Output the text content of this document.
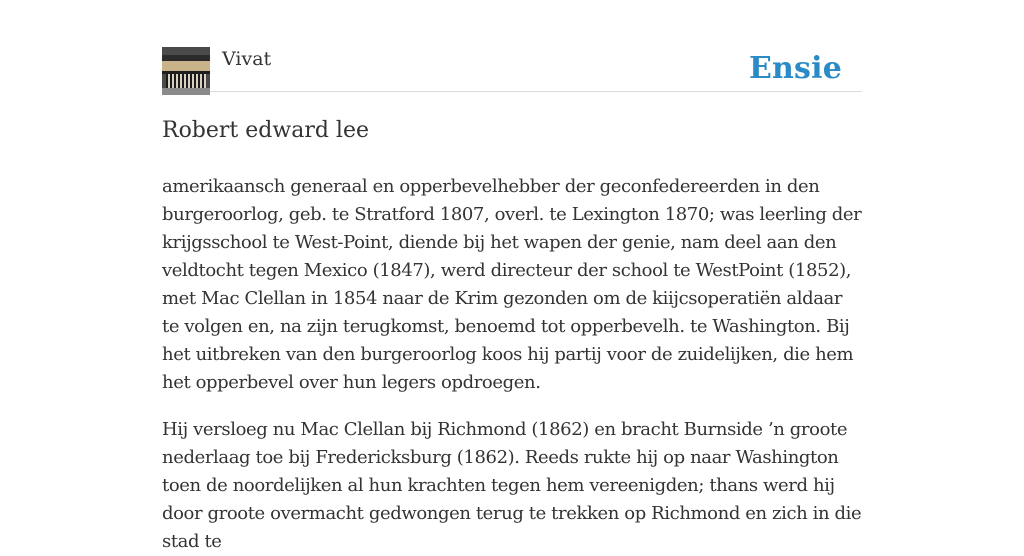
Vivat	Ensie
Robert edward lee

amerikaansch generaal en opperbevelhebber der geconfedereerden in den burgeroorlog, geb. te Stratford 1807, overl. te Lexington 1870; was leerling der krijgsschool te West-Point, diende bij het wapen der genie, nam deel aan den veldtocht tegen Mexico (1847), werd directeur der school te WestPoint (1852), met Mac Clellan in 1854 naar de Krim gezonden om de kiijcsoperatiën aldaar te volgen en, na zijn terugkomst, benoemd tot opperbevelh. te Washington. Bij het uitbreken van den burgeroorlog koos hij partij voor de zuidelijken, die hem het opperbevel over hun legers opdroegen.

Hij versloeg nu Mac Clellan bij Richmond (1862) en bracht Burnside ’n groote nederlaag toe bij Fredericksburg (1862). Reeds rukte hij op naar Washington toen de noordelijken al hun krachten tegen hem vereenigden; thans werd hij door groote overmacht gedwongen terug te trekken op Richmond en zich in die stad te
